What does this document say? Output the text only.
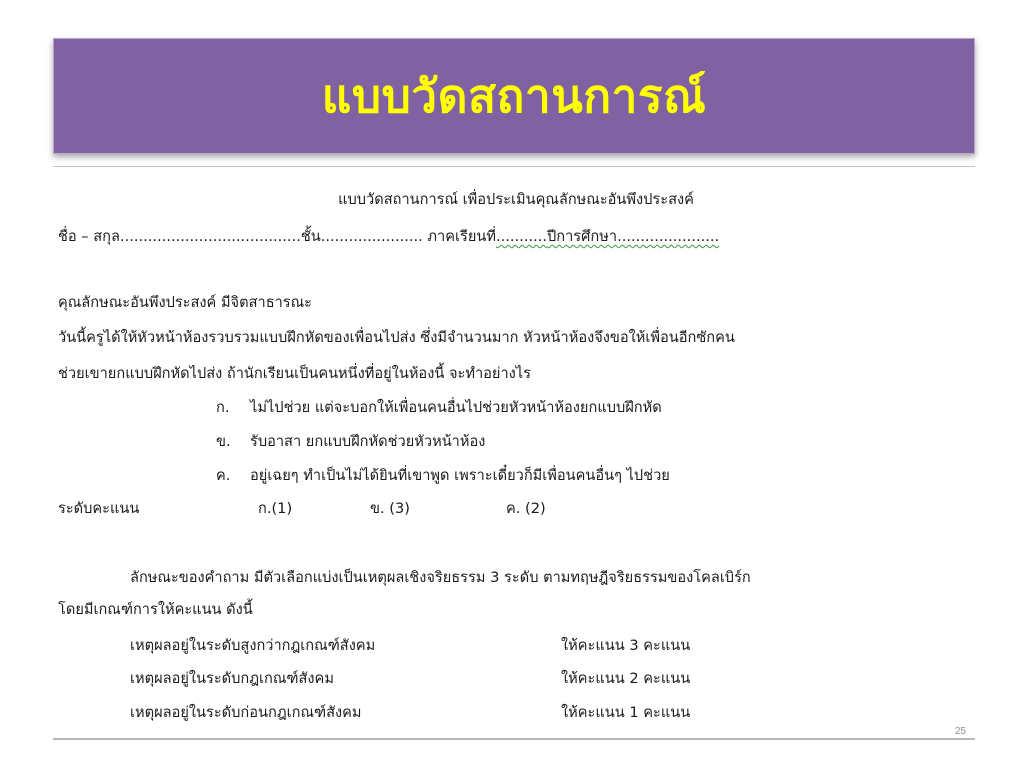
แบบวัดสถานการณ์
แบบวัดสถานการณ์ เพื่อประเมินคุณลักษณะอันพึงประสงค์
ชื่อ – สกุล.......................................ชั้น...................... ภาคเรียนที่...........ปีการศึกษา......................
คุณลักษณะอันพึงประสงค์ มีจิตสาธารณะ
วันนี้ครูได้ให้หัวหน้าห้องรวบรวมแบบฝึกหัดของเพื่อนไปส่ง ซึ่งมีจำนวนมาก หัวหน้าห้องจึงขอให้เพื่อนอีกซักคน
ช่วยเขายกแบบฝึกหัดไปส่ง ถ้านักเรียนเป็นคนหนึ่งที่อยู่ในห้องนี้ จะทำอย่างไร
ก. ไม่ไปช่วย แต่จะบอกให้เพื่อนคนอื่นไปช่วยหัวหน้าห้องยกแบบฝึกหัด
ข. รับอาสา ยกแบบฝึกหัดช่วยหัวหน้าห้อง
ค. อยู่เฉยๆ ทำเป็นไม่ได้ยินที่เขาพูด เพราะเดี๋ยวก็มีเพื่อนคนอื่นๆ ไปช่วย
ระดับคะแนน	ก.(1)	ข. (3)	ค. (2)
ลักษณะของคำถาม มีตัวเลือกแบ่งเป็นเหตุผลเชิงจริยธรรม 3 ระดับ ตามทฤษฎีจริยธรรมของโคลเบิร์ก
โดยมีเกณฑ์การให้คะแนน ดังนี้
เหตุผลอยู่ในระดับสูงกว่ากฎเกณฑ์สังคม	ให้คะแนน 3 คะแนน
เหตุผลอยู่ในระดับกฎเกณฑ์สังคม	ให้คะแนน 2 คะแนน
เหตุผลอยู่ในระดับก่อนกฎเกณฑ์สังคม	ให้คะแนน 1 คะแนน
25
